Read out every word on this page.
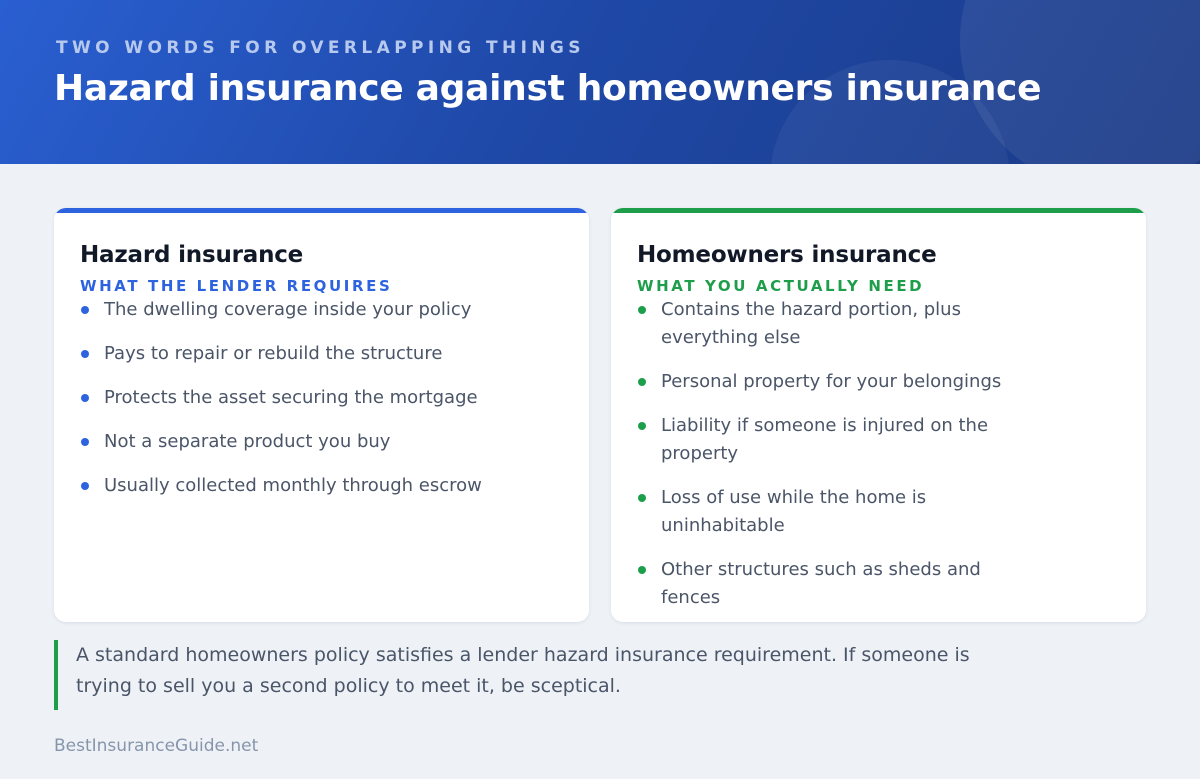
TWO WORDS FOR OVERLAPPING THINGS
Hazard insurance against homeowners insurance
Hazard insurance
WHAT THE LENDER REQUIRES
The dwelling coverage inside your policy
Pays to repair or rebuild the structure
Protects the asset securing the mortgage
Not a separate product you buy
Usually collected monthly through escrow
Homeowners insurance
WHAT YOU ACTUALLY NEED
Contains the hazard portion, plus everything else
Personal property for your belongings
Liability if someone is injured on the property
Loss of use while the home is uninhabitable
Other structures such as sheds and fences
A standard homeowners policy satisfies a lender hazard insurance requirement. If someone is trying to sell you a second policy to meet it, be sceptical.
BestInsuranceGuide.net
